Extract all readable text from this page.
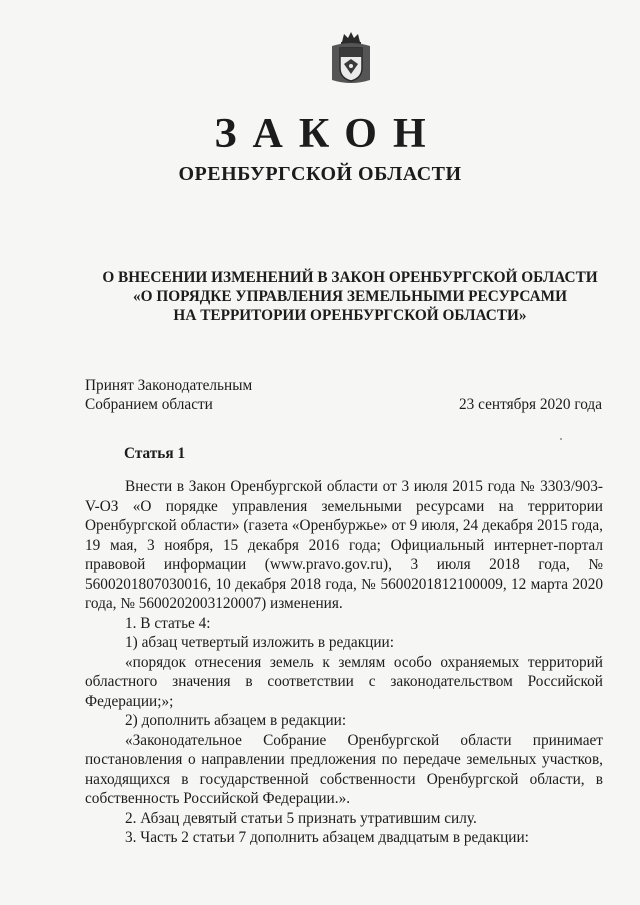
ЗАКОН
ОРЕНБУРГСКОЙ ОБЛАСТИ
О ВНЕСЕНИИ ИЗМЕНЕНИЙ В ЗАКОН ОРЕНБУРГСКОЙ ОБЛАСТИ
«О ПОРЯДКЕ УПРАВЛЕНИЯ ЗЕМЕЛЬНЫМИ РЕСУРСАМИ
НА ТЕРРИТОРИИ ОРЕНБУРГСКОЙ ОБЛАСТИ»
Принят Законодательным
Собранием области	23 сентября 2020 года
Статья 1

Внести в Закон Оренбургской области от 3 июля 2015 года № 3303/903-V-ОЗ «О порядке управления земельными ресурсами на территории Оренбургской области» (газета «Оренбуржье» от 9 июля, 24 декабря 2015 года, 19 мая, 3 ноября, 15 декабря 2016 года; Официальный интернет-портал правовой информации (www.pravo.gov.ru), 3 июля 2018 года, № 5600201807030016, 10 декабря 2018 года, № 5600201812100009, 12 марта 2020 года, № 5600202003120007) изменения.

1. В статье 4:

1) абзац четвертый изложить в редакции:

«порядок отнесения земель к землям особо охраняемых территорий областного значения в соответствии с законодательством Российской Федерации;»;

2) дополнить абзацем в редакции:

«Законодательное Собрание Оренбургской области принимает постановления о направлении предложения по передаче земельных участков, находящихся в государственной собственности Оренбургской области, в собственность Российской Федерации.».

2. Абзац девятый статьи 5 признать утратившим силу.

3. Часть 2 статьи 7 дополнить абзацем двадцатым в редакции:
